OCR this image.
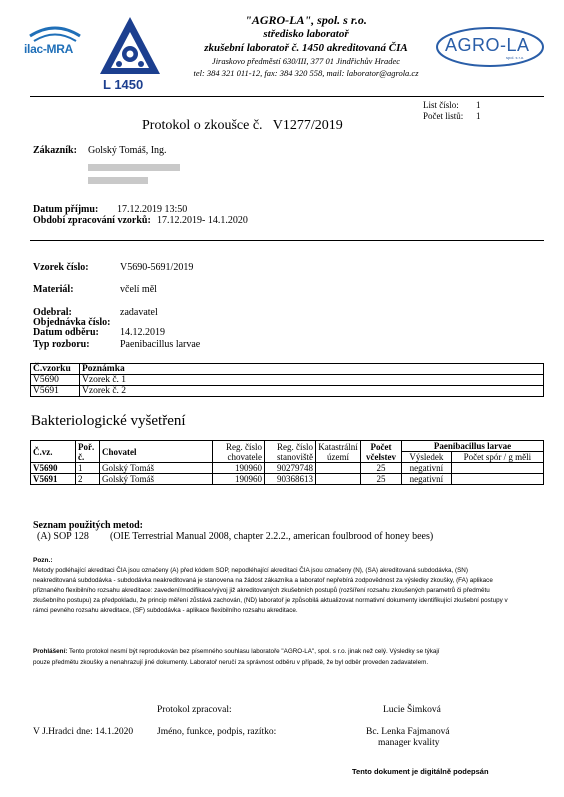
ilac-MRA
L 1450
AGRO-LA
spol. s r.o.
"AGRO-LA", spol. s r.o.
středisko laboratoř
zkušební laboratoř č. 1450 akreditovaná ČIA
Jiraskovo předměstí 630/III, 377 01 Jindřichův Hradec
tel: 384 321 011-12, fax: 384 320 558, mail: laborator@agrola.cz
List číslo: 1
Počet listů: 1
Protokol o zkoušce č.   V1277/2019
Zákazník: Golský Tomáš, Ing.
Datum příjmu: 17.12.2019 13:50
Období zpracování vzorků: 17.12.2019- 14.1.2020
Vzorek číslo:	V5690-5691/2019
Materiál:	včelí měl
Odebral:	zadavatel
Objednávka číslo:
Datum odběru: 14.12.2019
Typ rozboru:	Paenibacillus larvae
Č.vzorku	Poznámka
V5690	Vzorek č. 1
V5691	Vzorek č. 2
Bakteriologické vyšetření
Č.vz.	Poř. č.	Chovatel	Reg. číslo chovatele	Reg. číslo stanoviště	Katastrální území	Počet včelstev	Paenibacillus larvae	
							Výsledek	Počet spór / g měli
V5690	1	Golský Tomáš	190960	90279748		25	negativní	
V5691	2	Golský Tomáš	190960	90368613		25	negativní	
Seznam použitých metod:
(A) SOP 128 (OIE Terrestrial Manual 2008, chapter 2.2.2., american foulbrood of honey bees)
Pozn.:
Metody podléhající akreditaci ČIA jsou označeny (A) před kódem SOP, nepodléhající akreditaci ČIA jsou označeny (N), (SA) akreditovaná subdodávka, (SN) neakreditovaná subdodávka - subdodávka neakreditovaná je stanovena na žádost zákazníka a laboratoř nepřebírá zodpovědnost za výsledky zkoušky, (FA) aplikace přiznaného flexibilního rozsahu akreditace: zavedení/modifikace/vývoj již akreditovaných zkušebních postupů (rozšíření rozsahu zkoušených parametrů či předmětu zkušebního postupu) za předpokladu, že princip měření zůstává zachován, (ND) laboratoř je způsobilá aktualizovat normativní dokumenty identifikující zkušební postupy v rámci pevného rozsahu akreditace, (SF) subdodávka - aplikace flexibilního rozsahu akreditace.
Prohlášení: Tento protokol nesmí být reprodukován bez písemného souhlasu laboratoře "AGRO-LA", spol. s r.o. jinak než celý. Výsledky se týkají pouze předmětu zkoušky a nenahrazují jiné dokumenty. Laboratoř neručí za správnost odběru v případě, že byl odběr proveden zadavatelem.
Protokol zpracoval:	Lucie Šimková
V J.Hradci dne: 14.1.2020	Jméno, funkce, podpis, razítko:	Bc. Lenka Fajmanová
manager kvality
Tento dokument je digitálně podepsán
